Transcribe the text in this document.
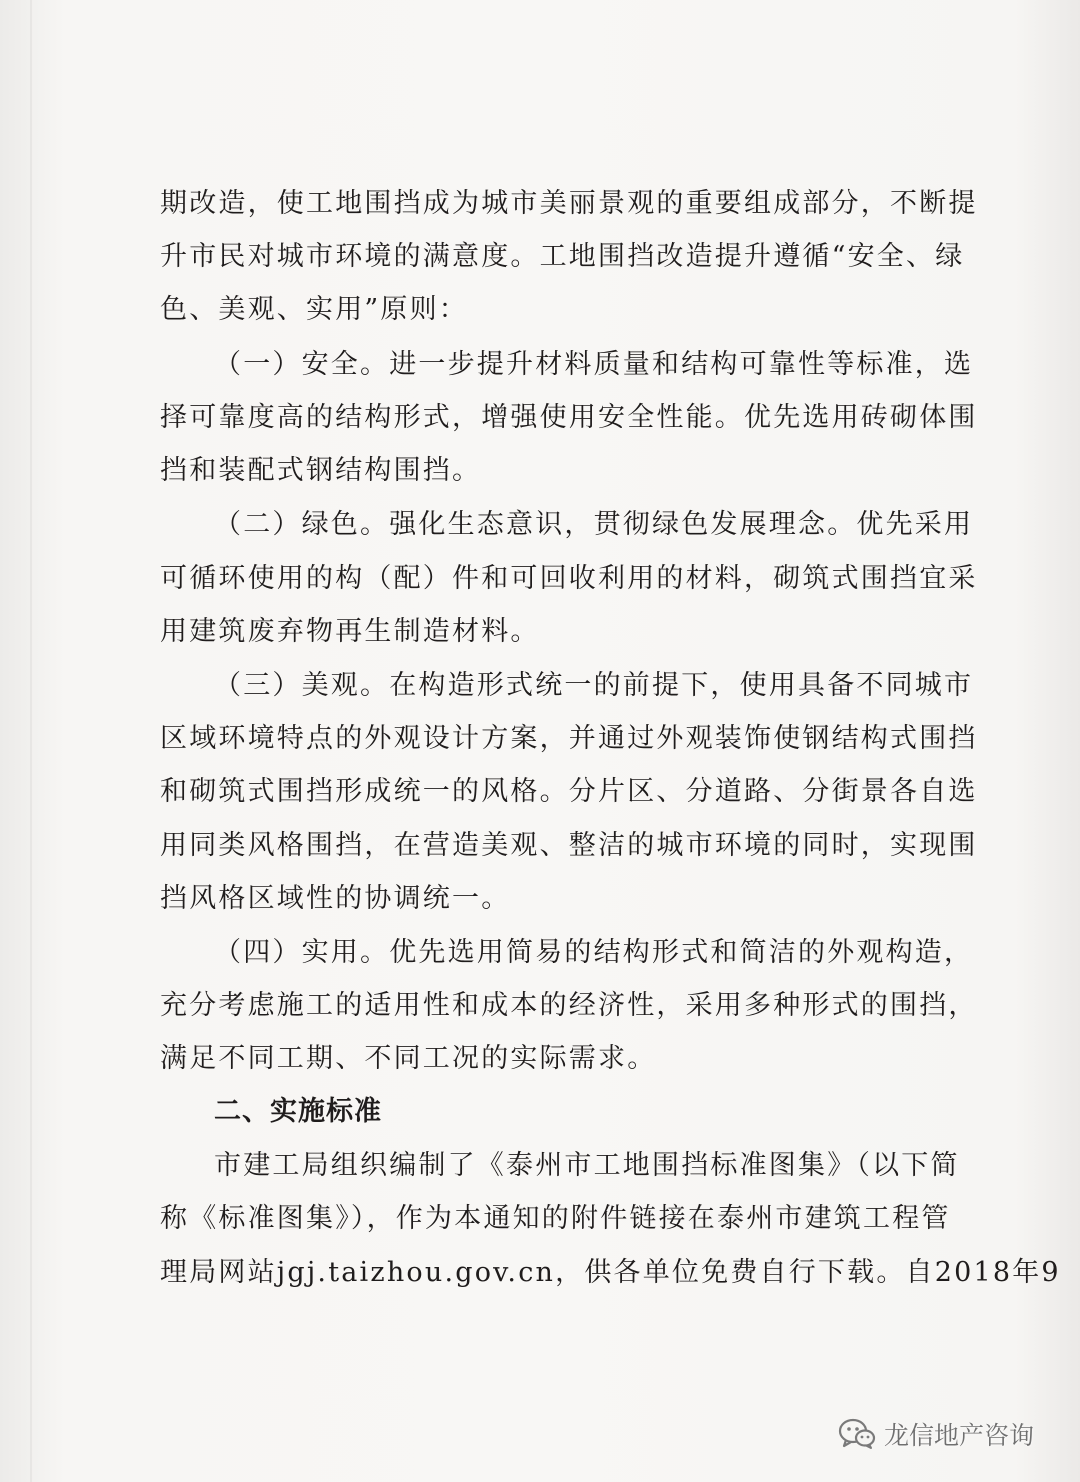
期改造，使工地围挡成为城市美丽景观的重要组成部分，不断提
升市民对城市环境的满意度。工地围挡改造提升遵循“安全、绿
色、美观、实用”原则：
（一）安全。进一步提升材料质量和结构可靠性等标准，选
择可靠度高的结构形式，增强使用安全性能。优先选用砖砌体围
挡和装配式钢结构围挡。
（二）绿色。强化生态意识，贯彻绿色发展理念。优先采用
可循环使用的构（配）件和可回收利用的材料，砌筑式围挡宜采
用建筑废弃物再生制造材料。
（三）美观。在构造形式统一的前提下，使用具备不同城市
区域环境特点的外观设计方案，并通过外观装饰使钢结构式围挡
和砌筑式围挡形成统一的风格。分片区、分道路、分街景各自选
用同类风格围挡，在营造美观、整洁的城市环境的同时，实现围
挡风格区域性的协调统一。
（四）实用。优先选用简易的结构形式和简洁的外观构造，
充分考虑施工的适用性和成本的经济性，采用多种形式的围挡，
满足不同工期、不同工况的实际需求。
二、实施标准
市建工局组织编制了《泰州市工地围挡标准图集》（以下简
称《标准图集》），作为本通知的附件链接在泰州市建筑工程管
理局网站jgj.taizhou.gov.cn，供各单位免费自行下载。自2018年9
龙信地产咨询
